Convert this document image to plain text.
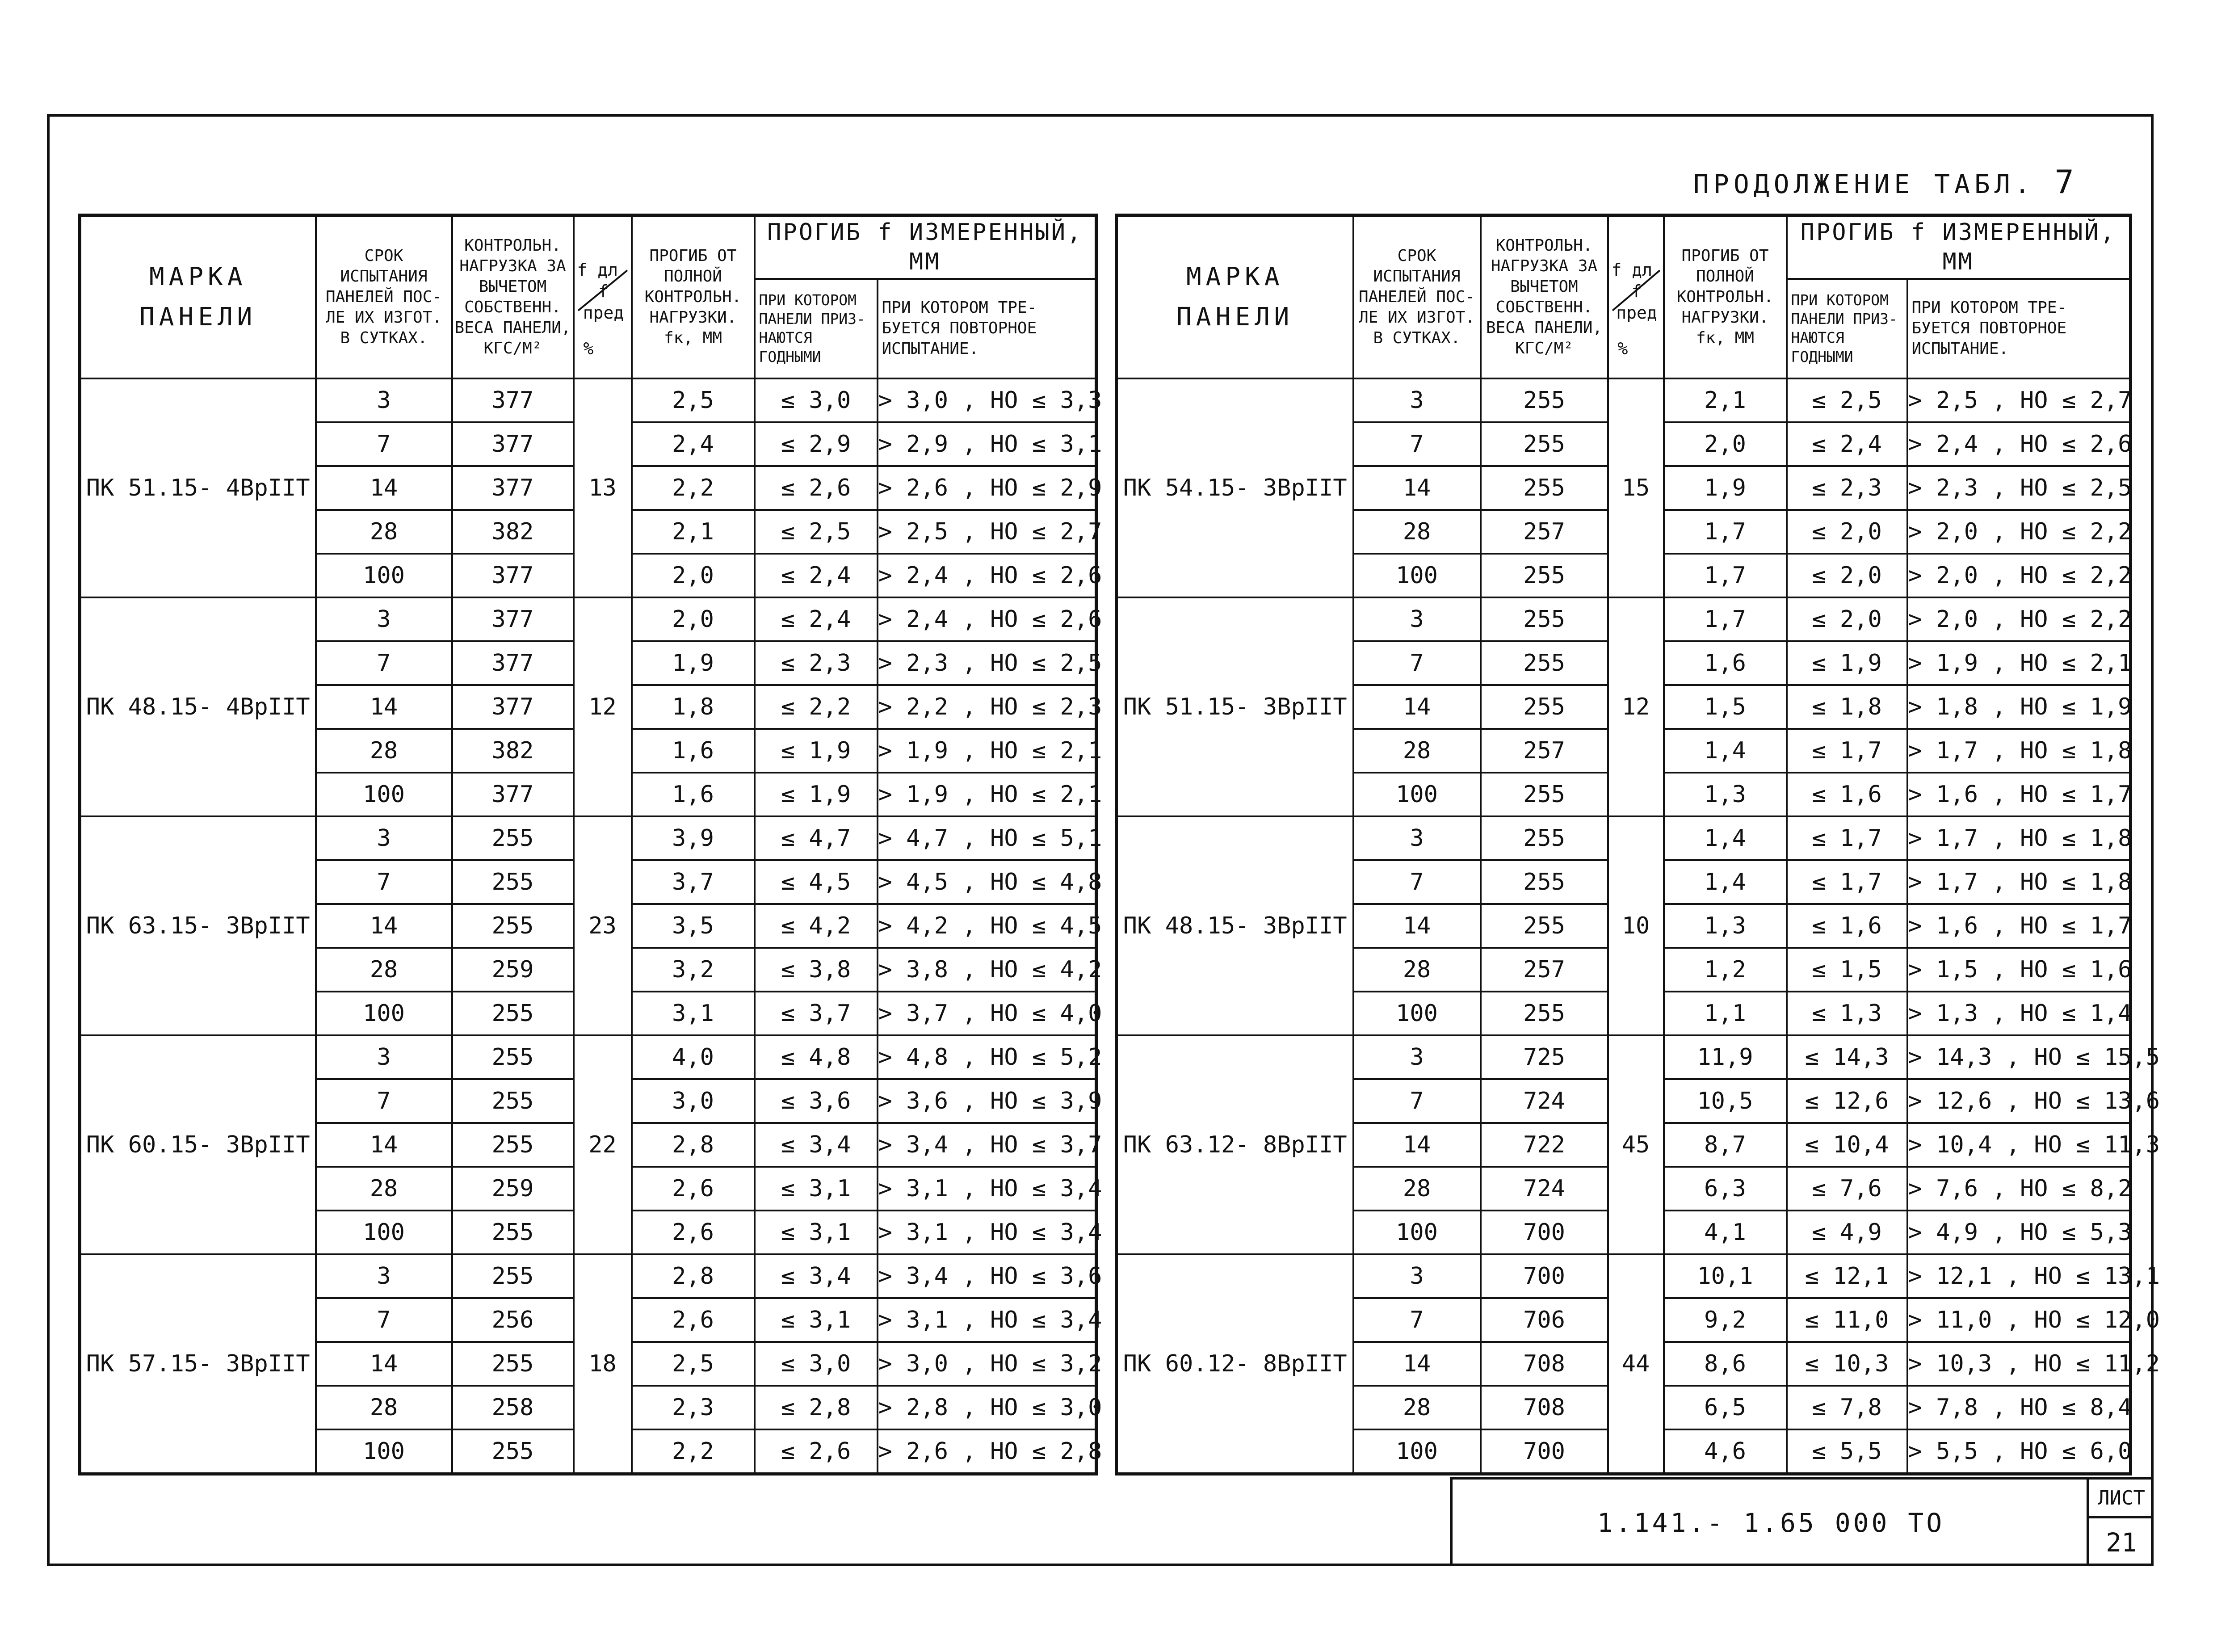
ПРОДОЛЖЕНИЕ ТАБЛ. 7
МАРКА ПАНЕЛИ	СРОК ИСПЫТАНИЯ ПАНЕЛЕЙ ПОС- ЛЕ ИХ ИЗГОТ. В СУТКАХ.	КОНТРОЛЬН. НАГРУЗКА ЗА ВЫЧЕТОМ СОБСТВЕНН. ВЕСА ПАНЕЛИ, КГС/М²	f дл
f пред
%	ПРОГИБ ОТ ПОЛНОЙ КОНТРОЛЬН. НАГРУЗКИ. fк, ММ	ПРОГИБ f ИЗМЕРЕННЫЙ, ММ	
					ПРИ КОТОРОМ ПАНЕЛИ ПРИЗ- НАЮТСЯ ГОДНЫМИ	ПРИ КОТОРОМ ТРЕ- БУЕТСЯ ПОВТОРНОЕ ИСПЫТАНИЕ.
ПК 51.15- 4ВрIIТ	3	377	13	2,5	≤ 3,0	> 3,0 , НО ≤ 3,3
	7	377		2,4	≤ 2,9	> 2,9 , НО ≤ 3,1
	14	377		2,2	≤ 2,6	> 2,6 , НО ≤ 2,9
	28	382		2,1	≤ 2,5	> 2,5 , НО ≤ 2,7
	100	377		2,0	≤ 2,4	> 2,4 , НО ≤ 2,6
ПК 48.15- 4ВрIIТ	3	377	12	2,0	≤ 2,4	> 2,4 , НО ≤ 2,6
	7	377		1,9	≤ 2,3	> 2,3 , НО ≤ 2,5
	14	377		1,8	≤ 2,2	> 2,2 , НО ≤ 2,3
	28	382		1,6	≤ 1,9	> 1,9 , НО ≤ 2,1
	100	377		1,6	≤ 1,9	> 1,9 , НО ≤ 2,1
ПК 63.15- 3ВрIIТ	3	255	23	3,9	≤ 4,7	> 4,7 , НО ≤ 5,1
	7	255		3,7	≤ 4,5	> 4,5 , НО ≤ 4,8
	14	255		3,5	≤ 4,2	> 4,2 , НО ≤ 4,5
	28	259		3,2	≤ 3,8	> 3,8 , НО ≤ 4,2
	100	255		3,1	≤ 3,7	> 3,7 , НО ≤ 4,0
ПК 60.15- 3ВрIIТ	3	255	22	4,0	≤ 4,8	> 4,8 , НО ≤ 5,2
	7	255		3,0	≤ 3,6	> 3,6 , НО ≤ 3,9
	14	255		2,8	≤ 3,4	> 3,4 , НО ≤ 3,7
	28	259		2,6	≤ 3,1	> 3,1 , НО ≤ 3,4
	100	255		2,6	≤ 3,1	> 3,1 , НО ≤ 3,4
ПК 57.15- 3ВрIIТ	3	255	18	2,8	≤ 3,4	> 3,4 , НО ≤ 3,6
	7	256		2,6	≤ 3,1	> 3,1 , НО ≤ 3,4
	14	255		2,5	≤ 3,0	> 3,0 , НО ≤ 3,2
	28	258		2,3	≤ 2,8	> 2,8 , НО ≤ 3,0
	100	255		2,2	≤ 2,6	> 2,6 , НО ≤ 2,8
МАРКА ПАНЕЛИ	СРОК ИСПЫТАНИЯ ПАНЕЛЕЙ ПОС- ЛЕ ИХ ИЗГОТ. В СУТКАХ.	КОНТРОЛЬН. НАГРУЗКА ЗА ВЫЧЕТОМ СОБСТВЕНН. ВЕСА ПАНЕЛИ, КГС/М²	f дл
f пред
%	ПРОГИБ ОТ ПОЛНОЙ КОНТРОЛЬН. НАГРУЗКИ. fк, ММ	ПРОГИБ f ИЗМЕРЕННЫЙ, ММ	
					ПРИ КОТОРОМ ПАНЕЛИ ПРИЗ- НАЮТСЯ ГОДНЫМИ	ПРИ КОТОРОМ ТРЕ- БУЕТСЯ ПОВТОРНОЕ ИСПЫТАНИЕ.
ПК 54.15- 3ВрIIТ	3	255	15	2,1	≤ 2,5	> 2,5 , НО ≤ 2,7
	7	255		2,0	≤ 2,4	> 2,4 , НО ≤ 2,6
	14	255		1,9	≤ 2,3	> 2,3 , НО ≤ 2,5
	28	257		1,7	≤ 2,0	> 2,0 , НО ≤ 2,2
	100	255		1,7	≤ 2,0	> 2,0 , НО ≤ 2,2
ПК 51.15- 3ВрIIТ	3	255	12	1,7	≤ 2,0	> 2,0 , НО ≤ 2,2
	7	255		1,6	≤ 1,9	> 1,9 , НО ≤ 2,1
	14	255		1,5	≤ 1,8	> 1,8 , НО ≤ 1,9
	28	257		1,4	≤ 1,7	> 1,7 , НО ≤ 1,8
	100	255		1,3	≤ 1,6	> 1,6 , НО ≤ 1,7
ПК 48.15- 3ВрIIТ	3	255	10	1,4	≤ 1,7	> 1,7 , НО ≤ 1,8
	7	255		1,4	≤ 1,7	> 1,7 , НО ≤ 1,8
	14	255		1,3	≤ 1,6	> 1,6 , НО ≤ 1,7
	28	257		1,2	≤ 1,5	> 1,5 , НО ≤ 1,6
	100	255		1,1	≤ 1,3	> 1,3 , НО ≤ 1,4
ПК 63.12- 8ВрIIТ	3	725	45	11,9	≤ 14,3	> 14,3 , НО ≤ 15,5
	7	724		10,5	≤ 12,6	> 12,6 , НО ≤ 13,6
	14	722		8,7	≤ 10,4	> 10,4 , НО ≤ 11,3
	28	724		6,3	≤ 7,6	> 7,6 , НО ≤ 8,2
	100	700		4,1	≤ 4,9	> 4,9 , НО ≤ 5,3
ПК 60.12- 8ВрIIТ	3	700	44	10,1	≤ 12,1	> 12,1 , НО ≤ 13,1
	7	706		9,2	≤ 11,0	> 11,0 , НО ≤ 12,0
	14	708		8,6	≤ 10,3	> 10,3 , НО ≤ 11,2
	28	708		6,5	≤ 7,8	> 7,8 , НО ≤ 8,4
	100	700		4,6	≤ 5,5	> 5,5 , НО ≤ 6,0
1.141.- 1.65 000 ТО
ЛИСТ
21
